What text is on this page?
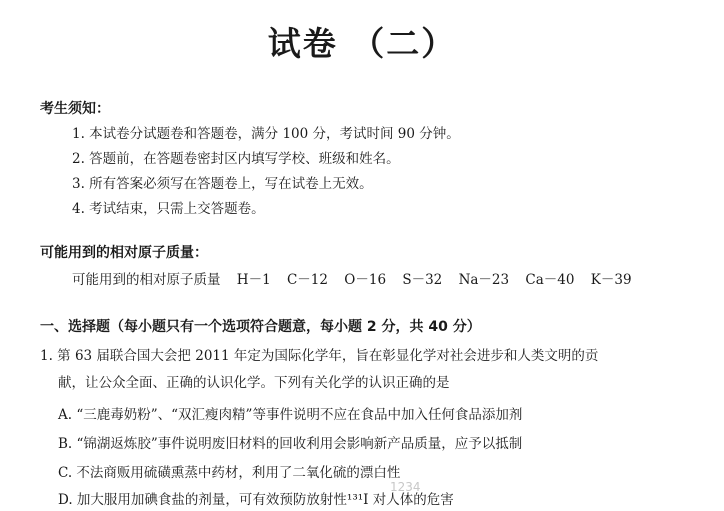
试卷 （二）
考生须知：
1. 本试卷分试题卷和答题卷，满分 100 分，考试时间 90 分钟。
2. 答题前，在答题卷密封区内填写学校、班级和姓名。
3. 所有答案必须写在答题卷上，写在试卷上无效。
4. 考试结束，只需上交答题卷。
可能用到的相对原子质量：
可能用到的相对原子质量 H－1 C－12 O－16 S－32 Na－23 Ca－40 K－39
一、选择题（每小题只有一个选项符合题意，每小题 2 分，共 40 分）
1. 第 63 届联合国大会把 2011 年定为国际化学年，旨在彰显化学对社会进步和人类文明的贡
献，让公众全面、正确的认识化学。下列有关化学的认识正确的是
A. “三鹿毒奶粉”、“双汇瘦肉精”等事件说明不应在食品中加入任何食品添加剂
B. “锦湖返炼胶”事件说明废旧材料的回收利用会影响新产品质量，应予以抵制
C. 不法商贩用硫磺熏蒸中药材，利用了二氧化硫的漂白性
D. 加大服用加碘食盐的剂量，可有效预防放射性¹³¹I 对人体的危害
1234
